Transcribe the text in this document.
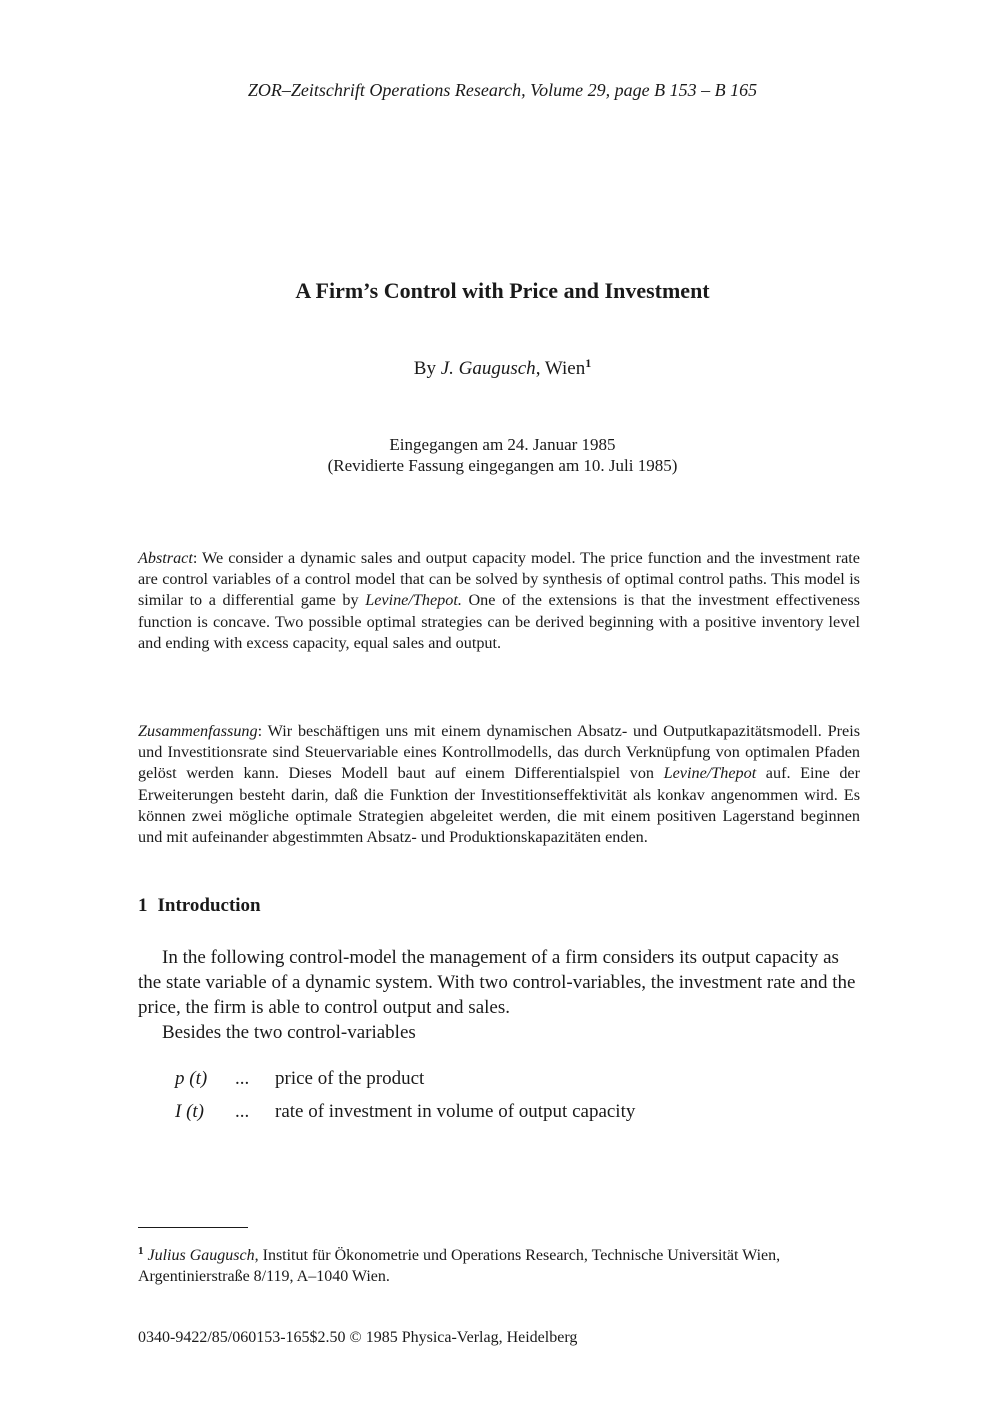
ZOR–Zeitschrift Operations Research, Volume 29, page B 153 – B 165
A Firm’s Control with Price and Investment
By J. Gaugusch, Wien$^1$
Eingegangen am 24. Januar 1985
(Revidierte Fassung eingegangen am 10. Juli 1985)
Abstract: We consider a dynamic sales and output capacity model. The price function and the investment rate are control variables of a control model that can be solved by synthesis of optimal control paths. This model is similar to a differential game by Levine/Thepot. One of the extensions is that the investment effectiveness function is concave. Two possible optimal strategies can be derived beginning with a positive inventory level and ending with excess capacity, equal sales and output.
Zusammenfassung: Wir beschäftigen uns mit einem dynamischen Absatz- und Outputkapazitätsmodell. Preis und Investitionsrate sind Steuervariable eines Kontrollmodells, das durch Verknüpfung von optimalen Pfaden gelöst werden kann. Dieses Modell baut auf einem Differentialspiel von Levine/Thepot auf. Eine der Erweiterungen besteht darin, daß die Funktion der Investitionseffektivität als konkav angenommen wird. Es können zwei mögliche optimale Strategien abgeleitet werden, die mit einem positiven Lagerstand beginnen und mit aufeinander abgestimmten Absatz- und Produktionskapazitäten enden.
1 Introduction
In the following control-model the management of a firm considers its output capacity as the state variable of a dynamic system. With two control-variables, the investment rate and the price, the firm is able to control output and sales.
Besides the two control-variables
p (t) ... price of the product
I (t) ... rate of investment in volume of output capacity
$^1$ Julius Gaugusch, Institut für Ökonometrie und Operations Research, Technische Universität Wien, Argentinierstraße 8/119, A–1040 Wien.
0340-9422/85/060153-165$2.50 © 1985 Physica-Verlag, Heidelberg
